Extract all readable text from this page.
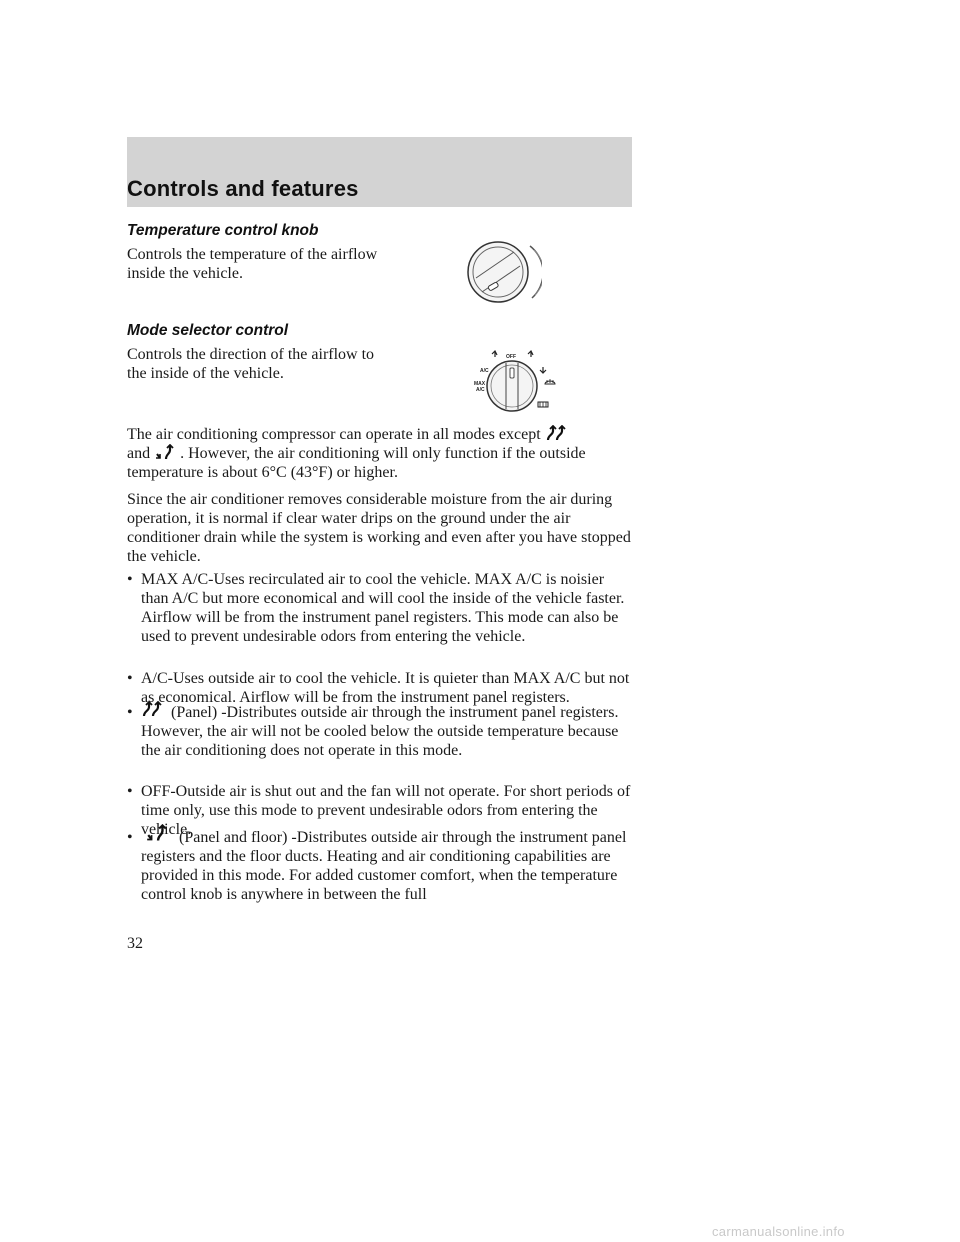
Controls and features
Temperature control knob
Controls the temperature of the airflow inside the vehicle.
Mode selector control
Controls the direction of the airflow to the inside of the vehicle.
OFF
A/C
MAX
A/C
The air conditioning compressor can operate in all modes except
and . However, the air conditioning will only function if the outside temperature is about 6°C (43°F) or higher.
Since the air conditioner removes considerable moisture from the air during operation, it is normal if clear water drips on the ground under the air conditioner drain while the system is working and even after you have stopped the vehicle.
• MAX A/C-Uses recirculated air to cool the vehicle. MAX A/C is noisier than A/C but more economical and will cool the inside of the vehicle faster. Airflow will be from the instrument panel registers. This mode can also be used to prevent undesirable odors from entering the vehicle.
• A/C-Uses outside air to cool the vehicle. It is quieter than MAX A/C but not as economical. Airflow will be from the instrument panel registers.
•	(Panel) -Distributes outside air through the instrument panel registers. However, the air will not be cooled below the outside temperature because the air conditioning does not operate in this mode.
• OFF-Outside air is shut out and the fan will not operate. For short periods of time only, use this mode to prevent undesirable odors from entering the vehicle.
•	(Panel and floor) -Distributes outside air through the instrument panel registers and the floor ducts. Heating and air conditioning capabilities are provided in this mode. For added customer comfort, when the temperature control knob is anywhere in between the full
32
carmanualsonline.info
